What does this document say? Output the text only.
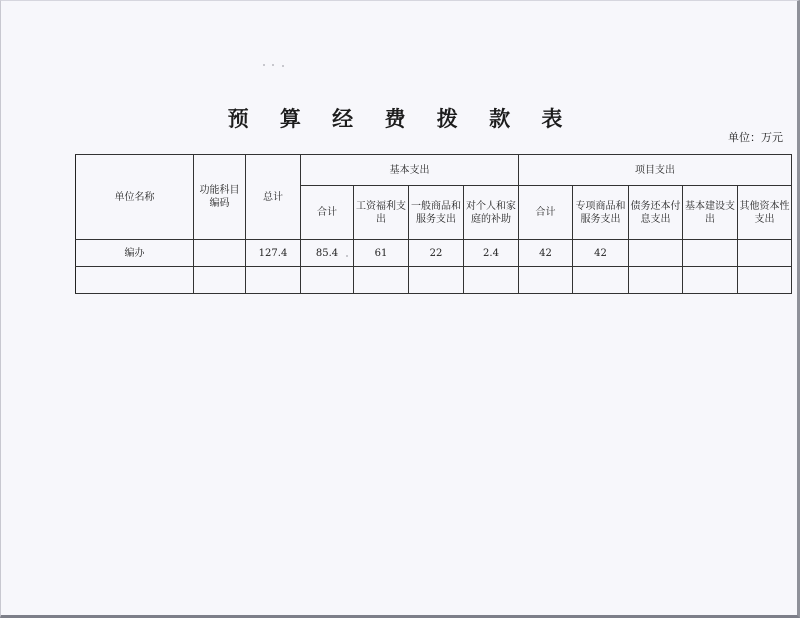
预 算 经 费 拨 款 表
单位：万元
单位名称	功能科目编码	总计	基本支出				项目支出				
			合计	工资福利支出	一般商品和服务支出	对个人和家庭的补助	合计	专项商品和服务支出	债务还本付息支出	基本建设支出	其他资本性支出
编办		127.4	85.4	61	22	2.4	42	42			
